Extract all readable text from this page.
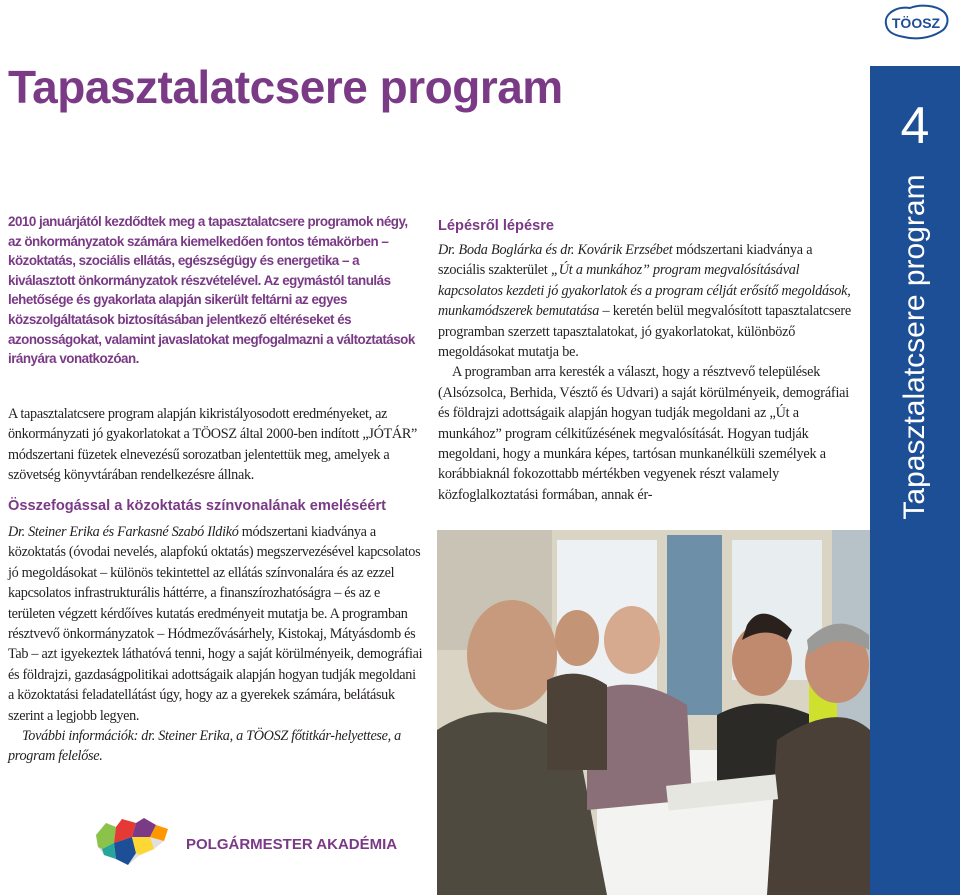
TÖOSZ
Tapasztalatcsere program
4
Tapasztalatcsere program
2010 januárjától kezdődtek meg a tapasztalatcsere programok négy, az önkormányzatok számára kiemelkedően fontos témakörben – közoktatás, szociális ellátás, egészségügy és energetika – a kiválasztott önkormányzatok részvételével. Az egymástól tanulás lehetősége és gyakorlata alapján sikerült feltárni az egyes közszolgáltatások biztosításában jelentkező eltéréseket és azonosságokat, valamint javaslatokat megfogalmazni a változtatások irányára vonatkozóan.
A tapasztalatcsere program alapján kikristályosodott eredményeket, az önkormányzati jó gyakorlatokat a TÖOSZ által 2000-ben indított „JÓTÁR” módszertani füzetek elnevezésű sorozatban jelentettük meg, amelyek a szövetség könyvtárában rendelkezésre állnak.
Összefogással a közoktatás színvonalának emeléséért

Dr. Steiner Erika és Farkasné Szabó Ildikó módszertani kiadványa a közoktatás (óvodai nevelés, alapfokú oktatás) megszervezésével kapcsolatos jó megoldásokat – különös tekintettel az ellátás színvonalára és az ezzel kapcsolatos infrastrukturális háttérre, a finanszírozhatóságra – és az e területen végzett kérdőíves kutatás eredményeit mutatja be. A programban résztvevő önkormányzatok – Hódmezővásárhely, Kistokaj, Mátyásdomb és Tab – azt igyekeztek láthatóvá tenni, hogy a saját körülményeik, demográfiai és földrajzi, gazdaságpolitikai adottságaik alapján hogyan tudják megoldani a közoktatási feladatellátást úgy, hogy az a gyerekek számára, belátásuk szerint a legjobb legyen.

További információk: dr. Steiner Erika, a TÖOSZ főtitkár-helyettese, a program felelőse.

Lépésről lépésre

Dr. Boda Boglárka és dr. Kovárik Erzsébet módszertani kiadványa a szociális szakterület „Út a munkához” program megvalósításával kapcsolatos kezdeti jó gyakorlatok és a program célját erősítő megoldások, munkamódszerek bemutatása – keretén belül megvalósított tapasztalatcsere programban szerzett tapasztalatokat, jó gyakorlatokat, különböző megoldásokat mutatja be.

A programban arra keresték a választ, hogy a résztvevő települések (Alsózsolca, Berhida, Vésztő és Udvari) a saját körülményeik, demográfiai és földrajzi adottságaik alapján hogyan tudják megoldani az „Út a munkához” program célkitűzésének megvalósítását. Hogyan tudják megoldani, hogy a munkára képes, tartósan munkanélküli személyek a korábbiaknál fokozottabb mértékben vegyenek részt valamely közfoglalkoztatási formában, annak ér-

POLGÁRMESTER AKADÉMIA
